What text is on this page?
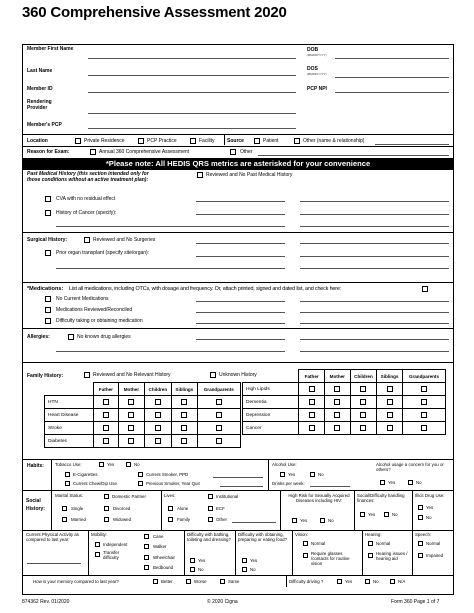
360 Comprehensive Assessment 2020
Member First Name
Last Name
Member ID
Rendering Provider
Member's PCP
DOB
(MM/DD/YYYY)
DOS
(MM/DD/YYYY)
PCP NPI
Location	Private Residence	PCP Practice	Facility Source	Patient	Other (name & relationship)
Reason for Exam:	Annual 360 Comprehensive Assessment	Other
*Please note: All HEDIS QRS metrics are asterisked for your convenience
Past Medical History (this section intended only for
those conditions without an active treatment plan):
Reviewed and No Past Medical History
CVA with no residual effect
History of Cancer (specify):
Surgical History:	Reviewed and No Surgeries
Prior organ transplant (specify site/organ):
*Medications: List all medications, including OTCs, with dosage and frequency. Or, attach printed, signed and dated list, and check here:
No Current Medications
Medications Reviewed/Reconciled
Difficulty taking or obtaining medication
Allergies:	No known drug allergies
Family History:	Reviewed and No Relevant History	Unknown History
	Father	Mother	Children	Siblings	Grandparents
HTN					
Heart Disease					
Stroke					
Diabetes					
	Father	Mother	Children	Siblings	Grandparents
High Lipids					
Dementia					
Depression					
Cancer					
Habits:	Tobacco Use:	Yes	No
E-Cigarettes	Current Smoker, PPD
Current Chew/Dip Use	Previous Smoker, Year Quit
Alcohol Use:
Yes	No
Drinks per week:
Alcohol usage a concern for you or others?
Yes	No
Social History:
Marital Status:	Domestic Partner
Single	Divorced
Married	Widowed
Lives:	Institutional
Alone	ECF
Family	Other
High Risk for Sexually Acquired Diseases including HIV:
Yes	No
Social/Difficulty handling finances:
Yes	No
Illicit Drug Use:
Yes
No
Current Physical Activity as compared to last year:
Mobility:
Independent
Transfer difficulty
Cane
Walker
Wheelchair
Bedbound
Difficulty with bathing, toileting and dressing?
Yes
No
Difficulty with obtaining, preparing or eating food?
Yes
No
Vision:
Normal
Require glasses /contacts for routine vision
Hearing:
Normal
Hearing issues / hearing aid
Speech:
Normal
Impaired
How is your memory compared to last year?	Better	Worse	Same	Difficulty driving ?	Yes	No	N/A
874362 Rev. 01/2020	© 2020 Cigna	Form 360 Page 1 of 7
